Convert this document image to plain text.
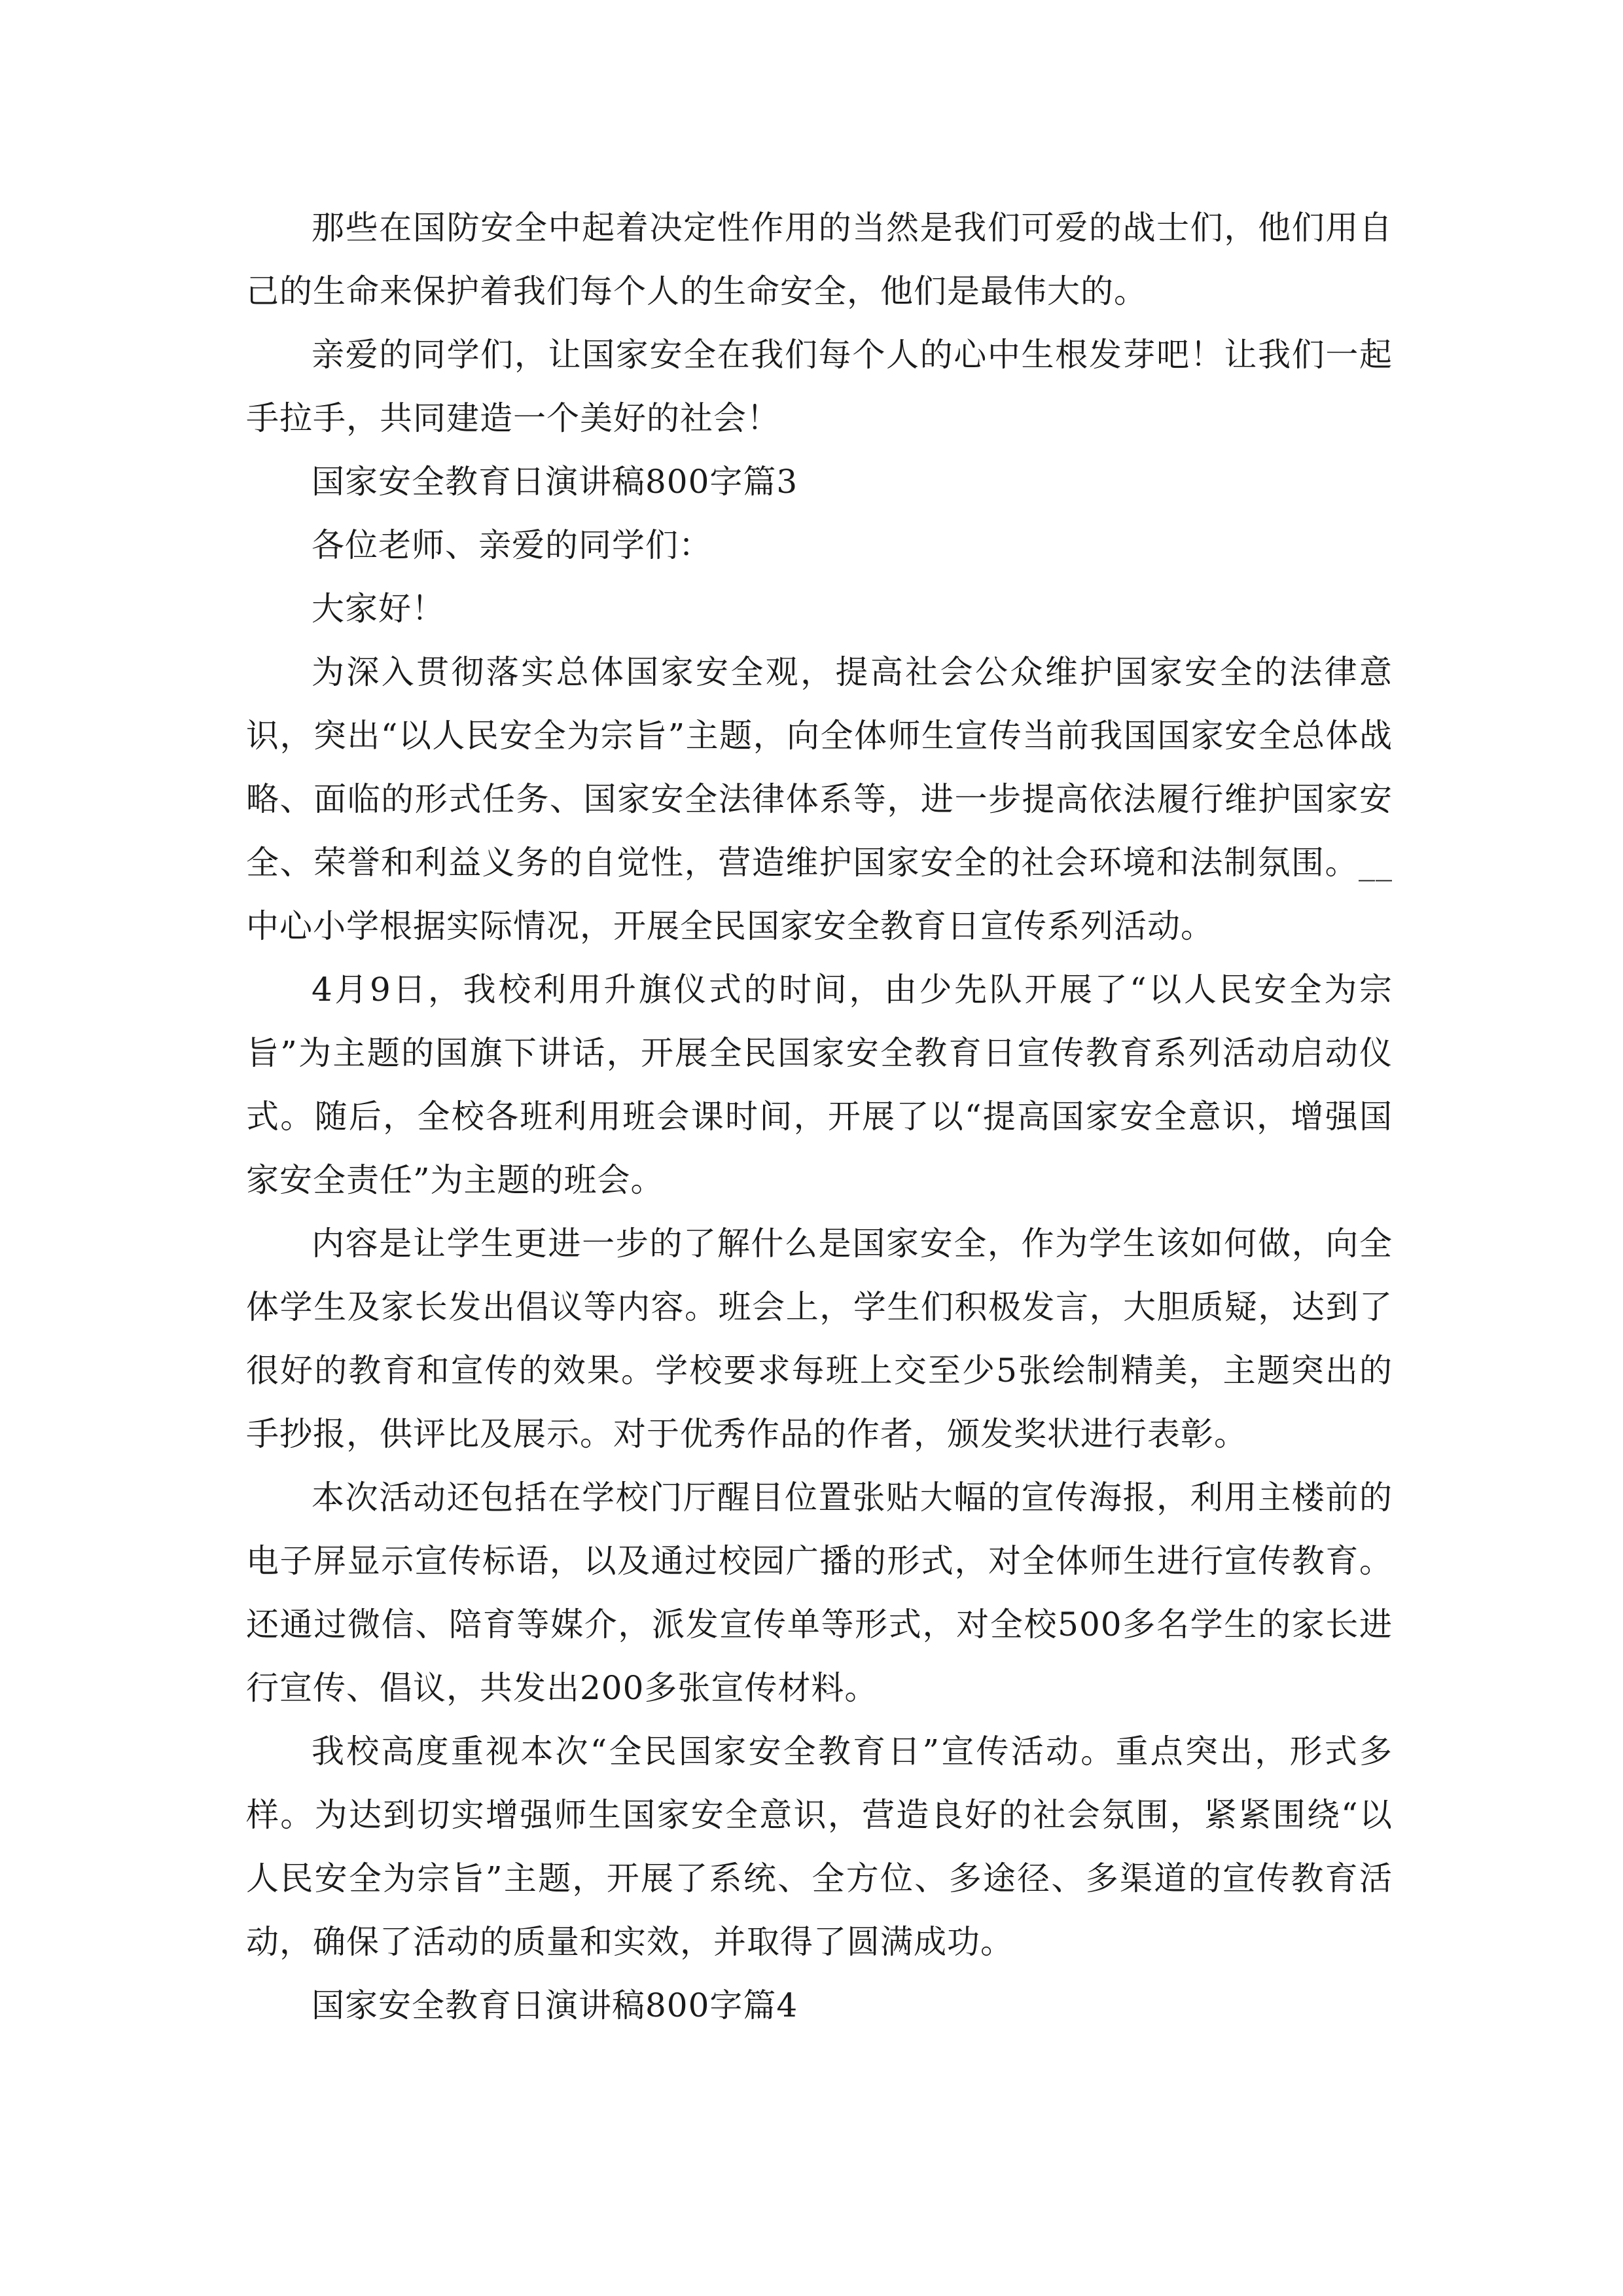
那些在国防安全中起着决定性作用的当然是我们可爱的战士们，他们用自己的生命来保护着我们每个人的生命安全，他们是最伟大的。

亲爱的同学们，让国家安全在我们每个人的心中生根发芽吧！让我们一起手拉手，共同建造一个美好的社会！

国家安全教育日演讲稿800字篇3

各位老师、亲爱的同学们：

大家好！

为深入贯彻落实总体国家安全观，提高社会公众维护国家安全的法律意识，突出“以人民安全为宗旨”主题，向全体师生宣传当前我国国家安全总体战略、面临的形式任务、国家安全法律体系等，进一步提高依法履行维护国家安全、荣誉和利益义务的自觉性，营造维护国家安全的社会环境和法制氛围。__中心小学根据实际情况，开展全民国家安全教育日宣传系列活动。

4月9日，我校利用升旗仪式的时间，由少先队开展了“以人民安全为宗旨”为主题的国旗下讲话，开展全民国家安全教育日宣传教育系列活动启动仪式。随后，全校各班利用班会课时间，开展了以“提高国家安全意识，增强国家安全责任”为主题的班会。

内容是让学生更进一步的了解什么是国家安全，作为学生该如何做，向全体学生及家长发出倡议等内容。班会上，学生们积极发言，大胆质疑，达到了很好的教育和宣传的效果。学校要求每班上交至少5张绘制精美，主题突出的手抄报，供评比及展示。对于优秀作品的作者，颁发奖状进行表彰。

本次活动还包括在学校门厅醒目位置张贴大幅的宣传海报，利用主楼前的电子屏显示宣传标语，以及通过校园广播的形式，对全体师生进行宣传教育。还通过微信、陪育等媒介，派发宣传单等形式，对全校500多名学生的家长进行宣传、倡议，共发出200多张宣传材料。

我校高度重视本次“全民国家安全教育日”宣传活动。重点突出，形式多样。为达到切实增强师生国家安全意识，营造良好的社会氛围，紧紧围绕“以人民安全为宗旨”主题，开展了系统、全方位、多途径、多渠道的宣传教育活动，确保了活动的质量和实效，并取得了圆满成功。

国家安全教育日演讲稿800字篇4
